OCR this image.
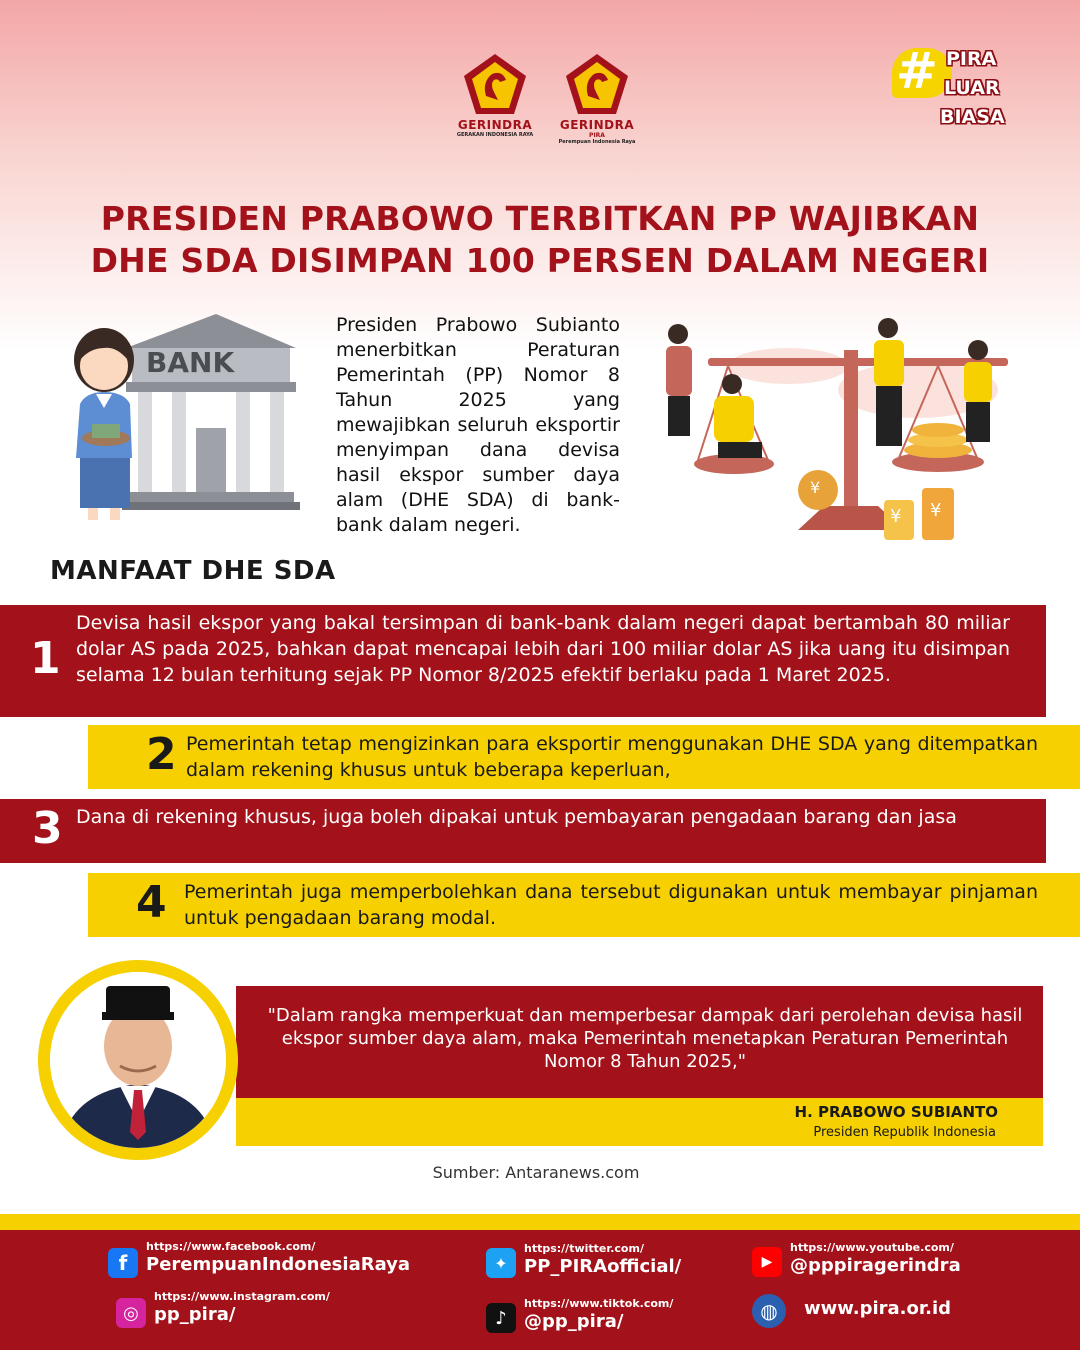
GERINDRA
GERAKAN INDONESIA RAYA
GERINDRA
PIRA
Perempuan Indonesia Raya
# PIRA
LUAR
BIASA
PRESIDEN PRABOWO TERBITKAN PP WAJIBKAN
DHE SDA DISIMPAN 100 PERSEN DALAM NEGERI
BANK
Presiden Prabowo Subianto menerbitkan Peraturan Pemerintah (PP) Nomor 8 Tahun 2025 yang mewajibkan seluruh eksportir menyimpan dana devisa hasil ekspor sumber daya alam (DHE SDA) di bank-bank dalam negeri.	¥ ¥
¥
MANFAAT DHE SDA
1
Devisa hasil ekspor yang bakal tersimpan di bank-bank dalam negeri dapat bertambah 80 miliar dolar AS pada 2025, bahkan dapat mencapai lebih dari 100 miliar dolar AS jika uang itu disimpan selama 12 bulan terhitung sejak PP Nomor 8/2025 efektif berlaku pada 1 Maret 2025.
2 Pemerintah tetap mengizinkan para eksportir menggunakan DHE SDA yang ditempatkan dalam rekening khusus untuk beberapa keperluan,
3 Dana di rekening khusus, juga boleh dipakai untuk pembayaran pengadaan barang dan jasa
4 Pemerintah juga memperbolehkan dana tersebut digunakan untuk membayar pinjaman untuk pengadaan barang modal.
"Dalam rangka memperkuat dan memperbesar dampak dari perolehan devisa hasil ekspor sumber daya alam, maka Pemerintah menetapkan Peraturan Pemerintah Nomor 8 Tahun 2025,"
H. PRABOWO SUBIANTO
Presiden Republik Indonesia
Sumber: Antaranews.com
f
https://www.facebook.com/
PerempuanIndonesiaRaya
◎
https://www.instagram.com/
pp_pira/
✦
https://twitter.com/
PP_PIRAofficial/
♪
https://www.tiktok.com/
@pp_pira/
▶
https://www.youtube.com/
@pppiragerindra
◍	www.pira.or.id
